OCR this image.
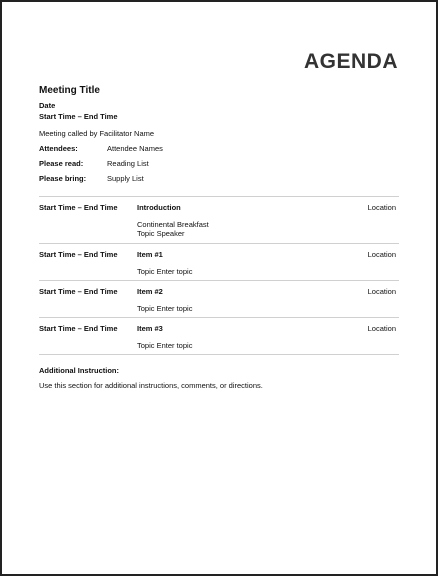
AGENDA
Meeting Title
Date
Start Time – End Time
Meeting called by Facilitator Name
Attendees:	Attendee Names
Please read:	Reading List
Please bring:	Supply List
Start Time – End Time	Introduction	Location
Continental Breakfast
Topic Speaker
Start Time – End Time	Item #1	Location
Topic Enter topic
Start Time – End Time	Item #2	Location
Topic Enter topic
Start Time – End Time	Item #3	Location
Topic Enter topic
Additional Instruction:
Use this section for additional instructions, comments, or directions.
